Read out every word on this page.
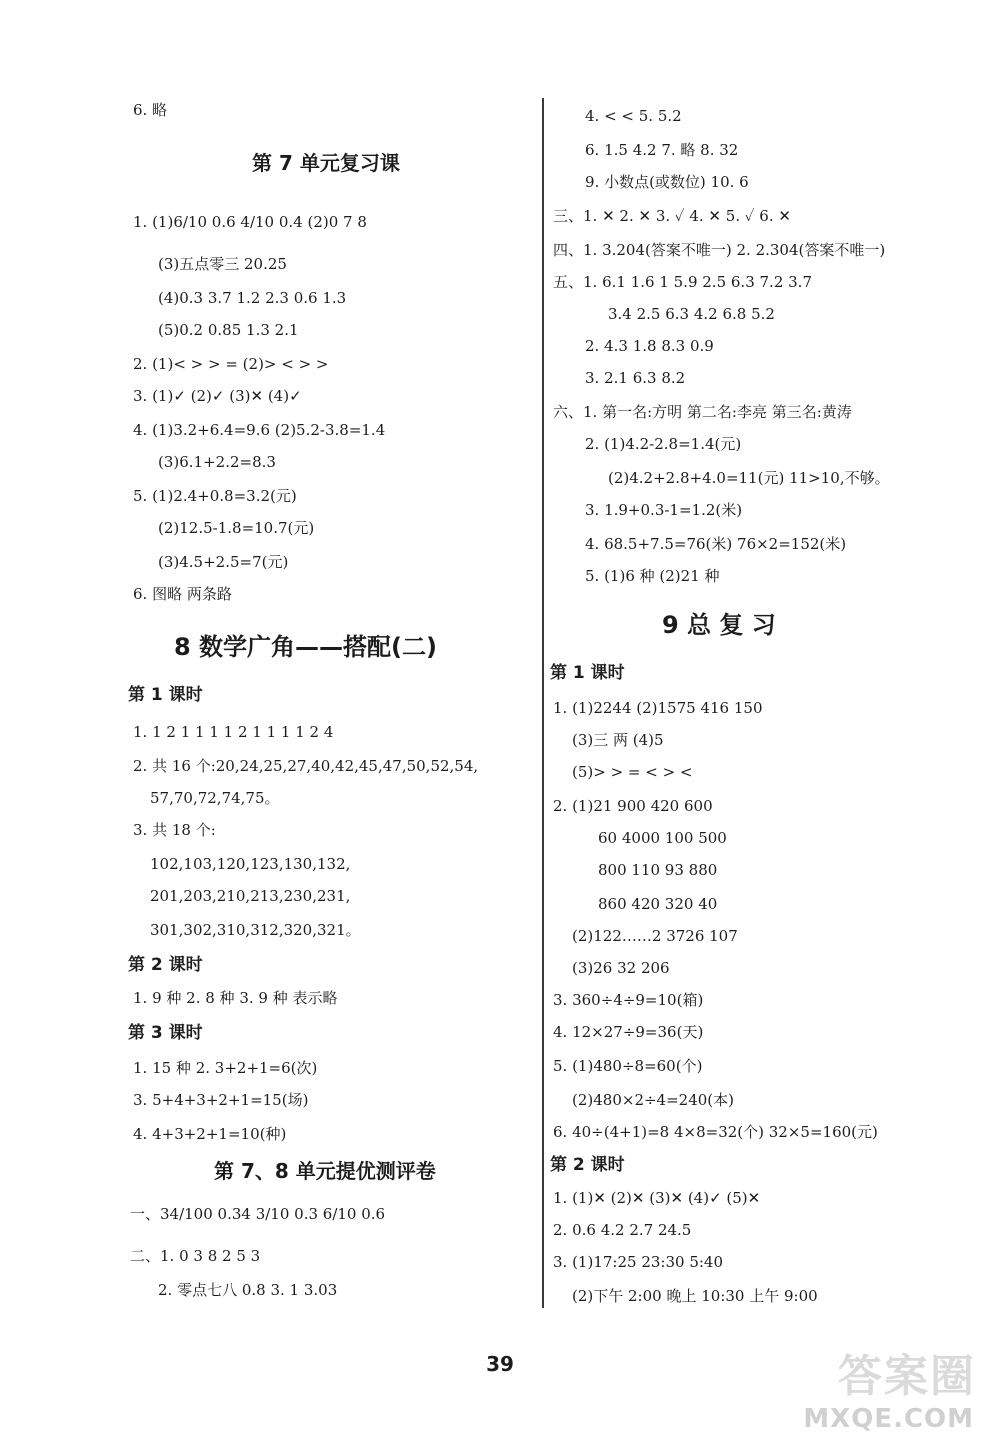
6. 略
第 7 单元复习课
1. (1)6/10 0.6 4/10 0.4 (2)0 7 8
(3)五点零三 20.25
(4)0.3 3.7 1.2 2.3 0.6 1.3
(5)0.2 0.85 1.3 2.1
2. (1)< > > = (2)> < > >
3. (1)✓ (2)✓ (3)✕ (4)✓
4. (1)3.2+6.4=9.6 (2)5.2-3.8=1.4
(3)6.1+2.2=8.3
5. (1)2.4+0.8=3.2(元)
(2)12.5-1.8=10.7(元)
(3)4.5+2.5=7(元)
6. 图略 两条路
8 数学广角——搭配(二)
第 1 课时
1. 1 2 1 1 1 1 2 1 1 1 1 2 4
2. 共 16 个:20,24,25,27,40,42,45,47,50,52,54,
57,70,72,74,75。
3. 共 18 个:
102,103,120,123,130,132,
201,203,210,213,230,231,
301,302,310,312,320,321。
第 2 课时
1. 9 种 2. 8 种 3. 9 种 表示略
第 3 课时
1. 15 种 2. 3+2+1=6(次)
3. 5+4+3+2+1=15(场)
4. 4+3+2+1=10(种)
第 7、8 单元提优测评卷
一、34/100 0.34 3/10 0.3 6/10 0.6
二、1. 0 3 8 2 5 3
2. 零点七八 0.8 3. 1 3.03
4. < < 5. 5.2
6. 1.5 4.2 7. 略 8. 32
9. 小数点(或数位) 10. 6
三、1. ✕ 2. ✕ 3. ✓ 4. ✕ 5. ✓ 6. ✕
四、1. 3.204(答案不唯一) 2. 2.304(答案不唯一)
五、1. 6.1 1.6 1 5.9 2.5 6.3 7.2 3.7
3.4 2.5 6.3 4.2 6.8 5.2
2. 4.3 1.8 8.3 0.9
3. 2.1 6.3 8.2
六、1. 第一名:方明 第二名:李亮 第三名:黄涛
2. (1)4.2-2.8=1.4(元)
(2)4.2+2.8+4.0=11(元) 11>10,不够。
3. 1.9+0.3-1=1.2(米)
4. 68.5+7.5=76(米) 76×2=152(米)
5. (1)6 种 (2)21 种
9 总 复 习
第 1 课时
1. (1)2244 (2)1575 416 150
(3)三 两 (4)5
(5)> > = < > <
2. (1)21 900 420 600
60 4000 100 500
800 110 93 880
860 420 320 40
(2)122……2 3726 107
(3)26 32 206
3. 360÷4÷9=10(箱)
4. 12×27÷9=36(天)
5. (1)480÷8=60(个)
(2)480×2÷4=240(本)
6. 40÷(4+1)=8 4×8=32(个) 32×5=160(元)
第 2 课时
1. (1)✕ (2)✕ (3)✕ (4)✓ (5)✕
2. 0.6 4.2 2.7 24.5
3. (1)17:25 23:30 5:40
(2)下午 2:00 晚上 10:30 上午 9:00
39	答案圈
MXQE.COM
